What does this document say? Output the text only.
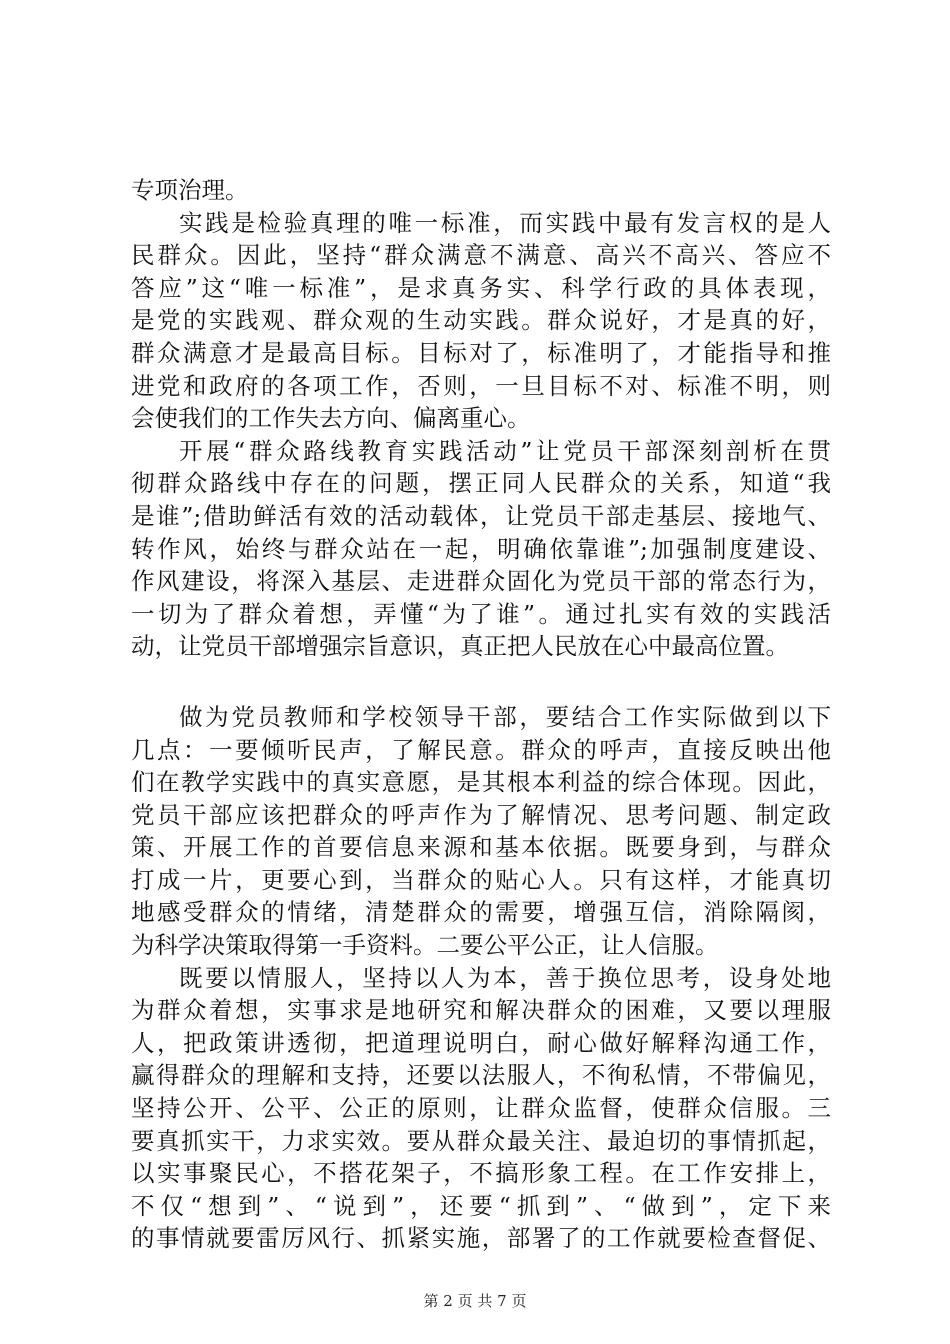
专项治理。
实践是检验真理的唯一标准，而实践中最有发言权的是人
民群众。因此，坚持“群众满意不满意、高兴不高兴、答应不
答应”这“唯一标准”，是求真务实、科学行政的具体表现，
是党的实践观、群众观的生动实践。群众说好，才是真的好，
群众满意才是最高目标。目标对了，标准明了，才能指导和推
进党和政府的各项工作，否则，一旦目标不对、标准不明，则
会使我们的工作失去方向、偏离重心。
开展“群众路线教育实践活动”让党员干部深刻剖析在贯
彻群众路线中存在的问题，摆正同人民群众的关系，知道“我
是谁”;借助鲜活有效的活动载体，让党员干部走基层、接地气、
转作风，始终与群众站在一起，明确依靠谁”;加强制度建设、
作风建设，将深入基层、走进群众固化为党员干部的常态行为，
一切为了群众着想，弄懂“为了谁”。通过扎实有效的实践活
动，让党员干部增强宗旨意识，真正把人民放在心中最高位置。
做为党员教师和学校领导干部，要结合工作实际做到以下
几点：一要倾听民声，了解民意。群众的呼声，直接反映出他
们在教学实践中的真实意愿，是其根本利益的综合体现。因此，
党员干部应该把群众的呼声作为了解情况、思考问题、制定政
策、开展工作的首要信息来源和基本依据。既要身到，与群众
打成一片，更要心到，当群众的贴心人。只有这样，才能真切
地感受群众的情绪，清楚群众的需要，增强互信，消除隔阂，
为科学决策取得第一手资料。二要公平公正，让人信服。
既要以情服人，坚持以人为本，善于换位思考，设身处地
为群众着想，实事求是地研究和解决群众的困难，又要以理服
人，把政策讲透彻，把道理说明白，耐心做好解释沟通工作，
赢得群众的理解和支持，还要以法服人，不徇私情，不带偏见，
坚持公开、公平、公正的原则，让群众监督，使群众信服。三
要真抓实干，力求实效。要从群众最关注、最迫切的事情抓起，
以实事聚民心，不搭花架子，不搞形象工程。在工作安排上，
不仅“想到”、“说到”，还要“抓到”、“做到”，定下来
的事情就要雷厉风行、抓紧实施，部署了的工作就要检查督促、
第 2 页 共 7 页
